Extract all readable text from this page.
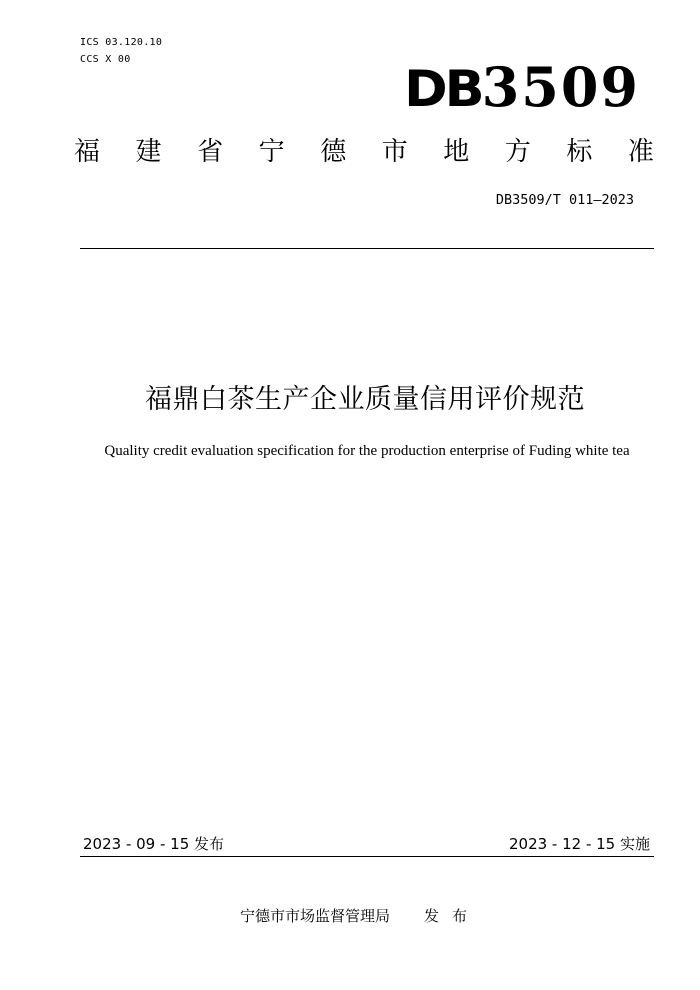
ICS 03.120.10
CCS X 00
DB 3509
福 建 省 宁 德 市 地 方 标 准
DB3509/T 011—2023
福鼎白茶生产企业质量信用评价规范
Quality credit evaluation specification for the production enterprise of Fuding white tea
2023 - 09 - 15 发布	2023 - 12 - 15 实施
宁德市市场监督管理局 发布
